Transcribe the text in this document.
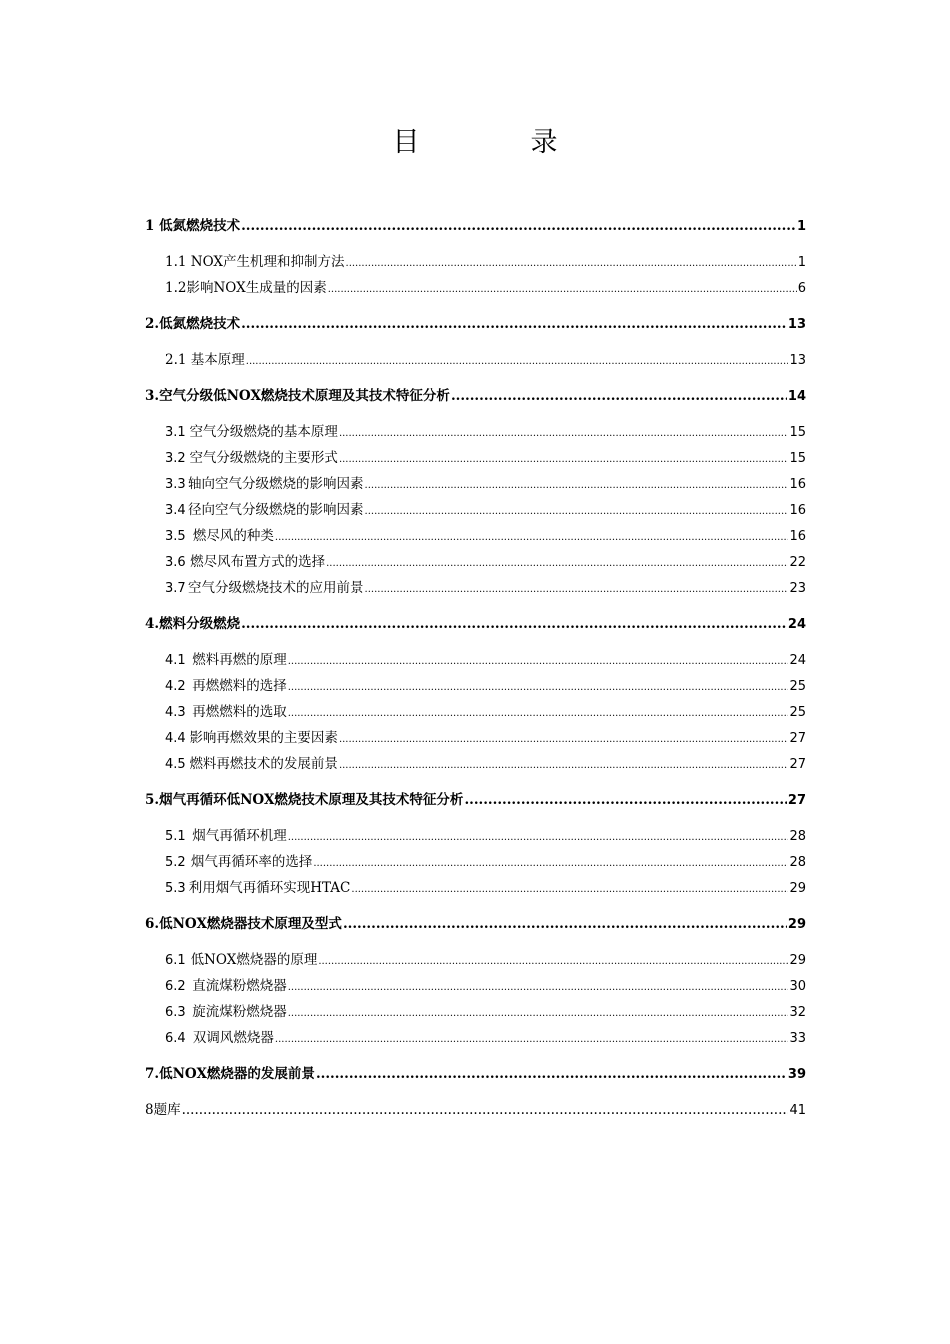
目　录
1 低氮燃烧技术 .....	1
1.1 NOX产生机理和抑制方法 .....	1
1.2影响NOX生成量的因素 .....	6
2.低氮燃烧技术 .....	13
2.1 基本原理 .....	13
3.空气分级低NOX燃烧技术原理及其技术特征分析 .....	14
3.1 空气分级燃烧的基本原理 .....	15
3.2 空气分级燃烧的主要形式 .....	15
3.3 轴向空气分级燃烧的影响因素 .....	16
3.4 径向空气分级燃烧的影响因素 .....	16
3.5 燃尽风的种类 .....	16
3.6 燃尽风布置方式的选择 .....	22
3.7 空气分级燃烧技术的应用前景 .....	23
4.燃料分级燃烧 .....	24
4.1 燃料再燃的原理 .....	24
4.2 再燃燃料的选择 .....	25
4.3 再燃燃料的选取 .....	25
4.4 影响再燃效果的主要因素 .....	27
4.5 燃料再燃技术的发展前景 .....	27
5.烟气再循环低NOX燃烧技术原理及其技术特征分析 .....	27
5.1 烟气再循环机理 .....	28
5.2 烟气再循环率的选择 .....	28
5.3 利用烟气再循环实现HTAC .....	29
6.低NOX燃烧器技术原理及型式 .....	29
6.1 低NOX燃烧器的原理 .....	29
6.2 直流煤粉燃烧器 .....	30
6.3 旋流煤粉燃烧器 .....	32
6.4 双调风燃烧器 .....	33
7.低NOX燃烧器的发展前景 .....	39
8题库 .....	41
